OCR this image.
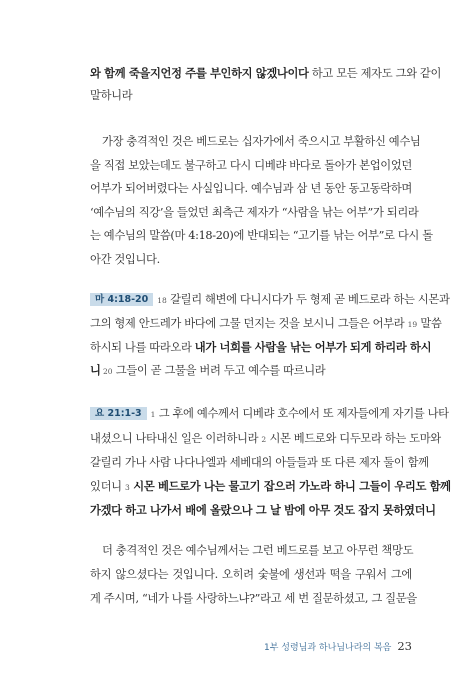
와 함께 죽을지언정 주를 부인하지 않겠나이다 하고 모든 제자도 그와 같이
말하니라
가장 충격적인 것은 베드로는 십자가에서 죽으시고 부활하신 예수님
을 직접 보았는데도 불구하고 다시 디베랴 바다로 돌아가 본업이었던
어부가 되어버렸다는 사실입니다. 예수님과 삼 년 동안 동고동락하며
‘예수님의 직강’을 들었던 최측근 제자가 “사람을 낚는 어부”가 되리라
는 예수님의 말씀(마 4:18-20)에 반대되는 “고기를 낚는 어부”로 다시 돌
아간 것입니다.
마 4:18-20 18 갈릴리 해변에 다니시다가 두 형제 곧 베드로라 하는 시몬과
그의 형제 안드레가 바다에 그물 던지는 것을 보시니 그들은 어부라 19 말씀
하시되 나를 따라오라 내가 너희를 사람을 낚는 어부가 되게 하리라 하시
니 20 그들이 곧 그물을 버려 두고 예수를 따르니라
요 21:1-3 1 그 후에 예수께서 디베랴 호수에서 또 제자들에게 자기를 나타
내셨으니 나타내신 일은 이러하니라 2 시몬 베드로와 디두모라 하는 도마와
갈릴리 가나 사람 나다나엘과 세베대의 아들들과 또 다른 제자 둘이 함께
있더니 3 시몬 베드로가 나는 물고기 잡으러 가노라 하니 그들이 우리도 함께
가겠다 하고 나가서 배에 올랐으나 그 날 밤에 아무 것도 잡지 못하였더니
더 충격적인 것은 예수님께서는 그런 베드로를 보고 아무런 책망도
하지 않으셨다는 것입니다. 오히려 숯불에 생선과 떡을 구워서 그에
게 주시며, “네가 나를 사랑하느냐?”라고 세 번 질문하셨고, 그 질문을
1부 성령님과 하나님나라의 복음 23
